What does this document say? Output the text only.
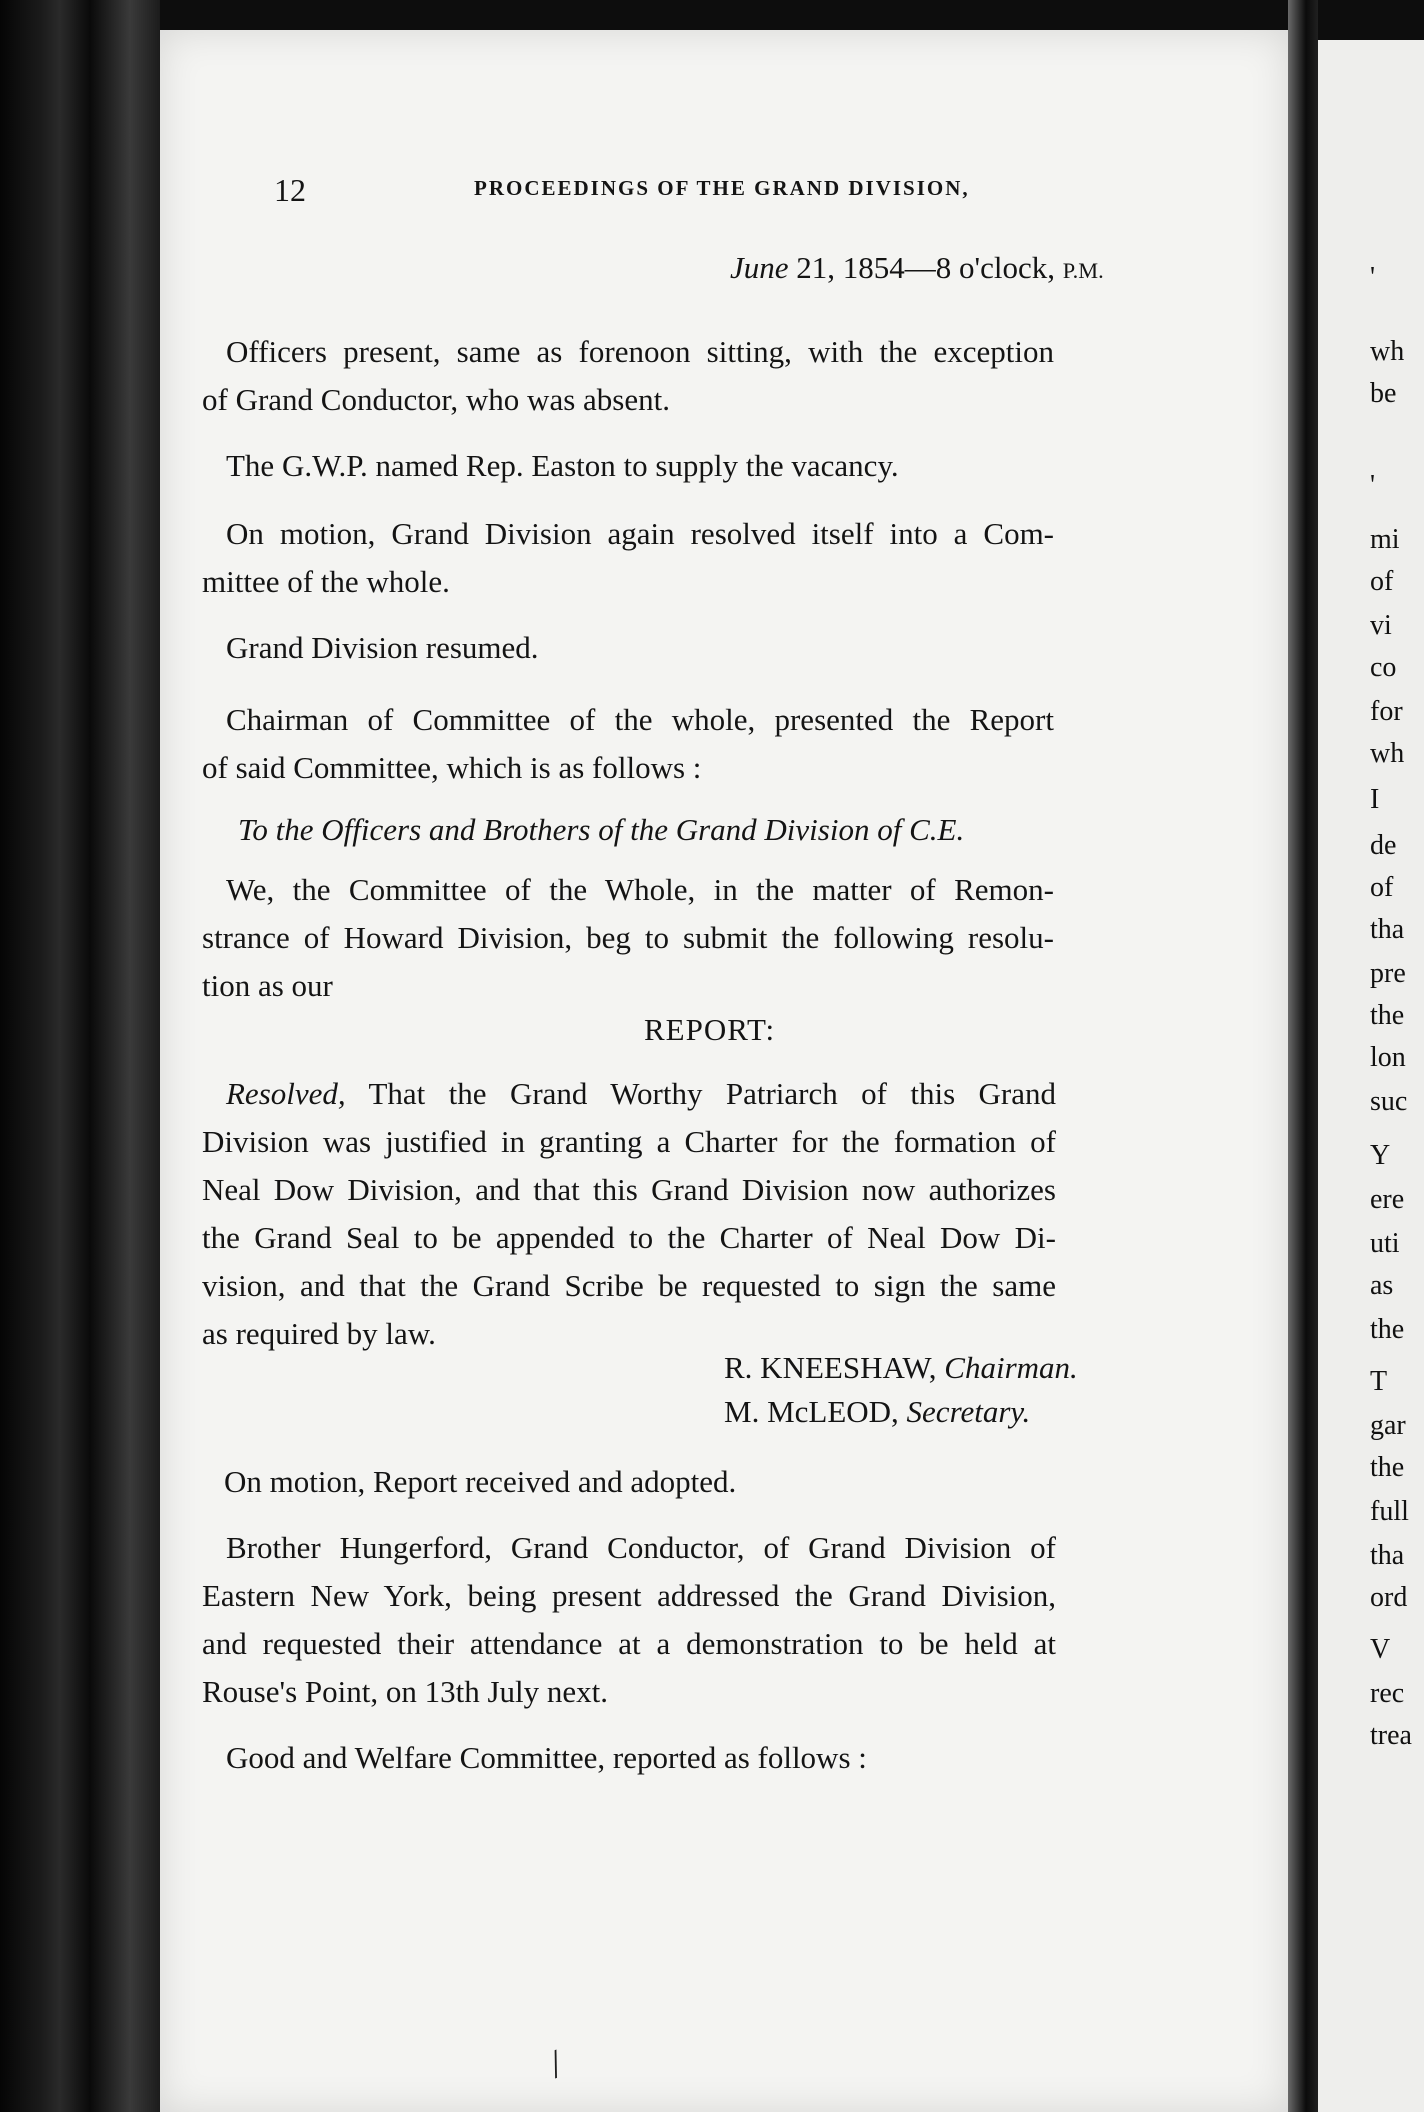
12	PROCEEDINGS OF THE GRAND DIVISION,
June 21, 1854—8 o'clock, P.M.
Officers present, same as forenoon sitting, with the exception
of Grand Conductor, who was absent.
The G.W.P. named Rep. Easton to supply the vacancy.
On motion, Grand Division again resolved itself into a Com-
mittee of the whole.
Grand Division resumed.
Chairman of Committee of the whole, presented the Report
of said Committee, which is as follows :
To the Officers and Brothers of the Grand Division of C.E.
We, the Committee of the Whole, in the matter of Remon-
strance of Howard Division, beg to submit the following resolu-
tion as our
REPORT:
Resolved, That the Grand Worthy Patriarch of this Grand
Division was justified in granting a Charter for the formation of
Neal Dow Division, and that this Grand Division now authorizes
the Grand Seal to be appended to the Charter of Neal Dow Di-
vision, and that the Grand Scribe be requested to sign the same
as required by law.
R. KNEESHAW, Chairman.
M. McLEOD, Secretary.
On motion, Report received and adopted.
Brother Hungerford, Grand Conductor, of Grand Division of
Eastern New York, being present addressed the Grand Division,
and requested their attendance at a demonstration to be held at
Rouse's Point, on 13th July next.
Good and Welfare Committee, reported as follows :
/
'
wh
be
'
mi
of
vi
co
for
wh
I
de
of
tha
pre
the
lon
suc
Y
ere
uti
as
the
T
gar
the
full
tha
ord
V
rec
trea
